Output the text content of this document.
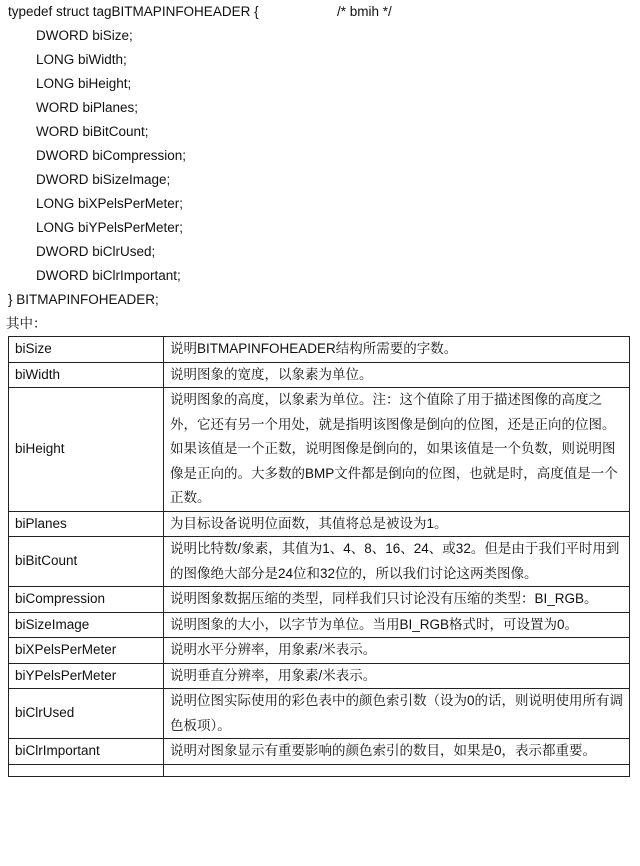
typedef struct tagBITMAPINFOHEADER {	/* bmih */
DWORD biSize;
LONG biWidth;
LONG biHeight;
WORD biPlanes;
WORD biBitCount;
DWORD biCompression;
DWORD biSizeImage;
LONG biXPelsPerMeter;
LONG biYPelsPerMeter;
DWORD biClrUsed;
DWORD biClrImportant;
} BITMAPINFOHEADER;
其中：
biSize	说明BITMAPINFOHEADER结构所需要的字数。
biWidth	说明图象的宽度，以象素为单位。
biHeight	说明图象的高度，以象素为单位。注：这个值除了用于描述图像的高度之外，它还有另一个用处，就是指明该图像是倒向的位图，还是正向的位图。如果该值是一个正数，说明图像是倒向的，如果该值是一个负数，则说明图像是正向的。大多数的BMP文件都是倒向的位图，也就是时，高度值是一个正数。
biPlanes	为目标设备说明位面数，其值将总是被设为1。
biBitCount	说明比特数/象素，其值为1、4、8、16、24、或32。但是由于我们平时用到的图像绝大部分是24位和32位的，所以我们讨论这两类图像。
biCompression	说明图象数据压缩的类型，同样我们只讨论没有压缩的类型：BI_RGB。
biSizeImage	说明图象的大小，以字节为单位。当用BI_RGB格式时，可设置为0。
biXPelsPerMeter	说明水平分辨率，用象素/米表示。
biYPelsPerMeter	说明垂直分辨率，用象素/米表示。
biClrUsed	说明位图实际使用的彩色表中的颜色索引数（设为0的话，则说明使用所有调色板项）。
biClrImportant	说明对图象显示有重要影响的颜色索引的数目，如果是0，表示都重要。
